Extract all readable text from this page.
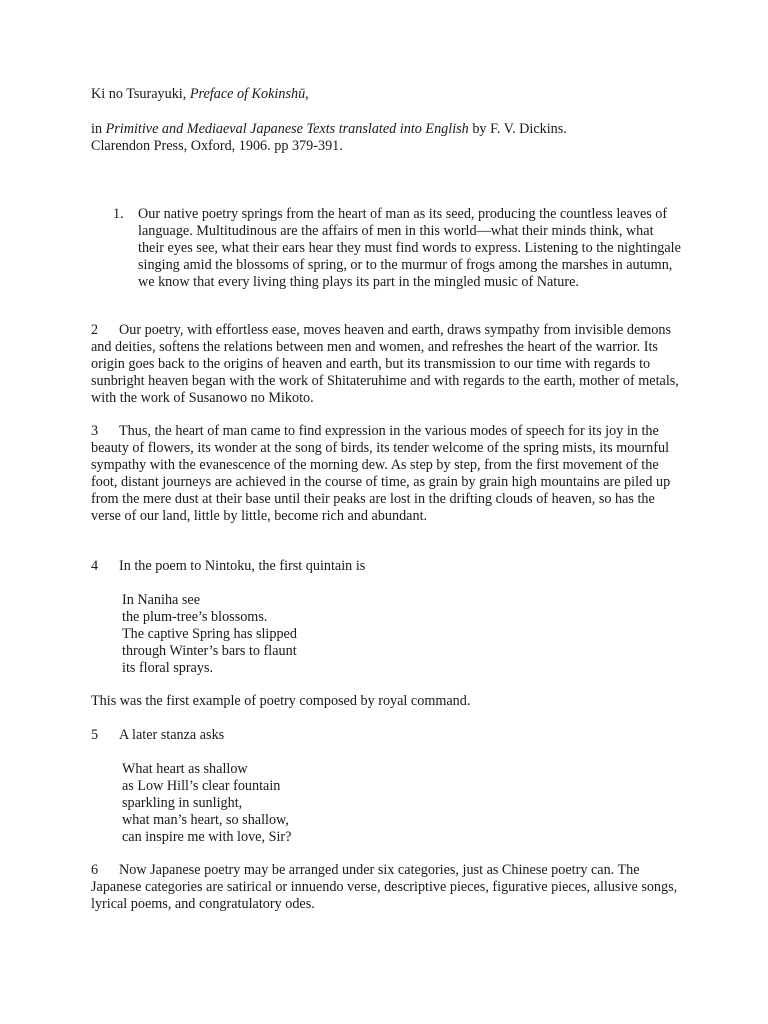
Ki no Tsurayuki, Preface of Kokinshū,

in Primitive and Mediaeval Japanese Texts translated into English by F. V. Dickins.
Clarendon Press, Oxford, 1906. pp 379-391.

1. Our native poetry springs from the heart of man as its seed, producing the countless leaves of language. Multitudinous are the affairs of men in this world—what their minds think, what their eyes see, what their ears hear they must find words to express. Listening to the nightingale singing amid the blossoms of spring, or to the murmur of frogs among the marshes in autumn, we know that every living thing plays its part in the mingled music of Nature.

2 Our poetry, with effortless ease, moves heaven and earth, draws sympathy from invisible demons and deities, softens the relations between men and women, and refreshes the heart of the warrior. Its origin goes back to the origins of heaven and earth, but its transmission to our time with regards to sunbright heaven began with the work of Shitateruhime and with regards to the earth, mother of metals, with the work of Susanowo no Mikoto.

3 Thus, the heart of man came to find expression in the various modes of speech for its joy in the beauty of flowers, its wonder at the song of birds, its tender welcome of the spring mists, its mournful sympathy with the evanescence of the morning dew. As step by step, from the first movement of the foot, distant journeys are achieved in the course of time, as grain by grain high mountains are piled up from the mere dust at their base until their peaks are lost in the drifting clouds of heaven, so has the verse of our land, little by little, become rich and abundant.

4 In the poem to Nintoku, the first quintain is

In Naniha see
the plum-tree’s blossoms.
The captive Spring has slipped
through Winter’s bars to flaunt
its floral sprays.

This was the first example of poetry composed by royal command.

5 A later stanza asks

What heart as shallow
as Low Hill’s clear fountain
sparkling in sunlight,
what man’s heart, so shallow,
can inspire me with love, Sir?

6 Now Japanese poetry may be arranged under six categories, just as Chinese poetry can. The Japanese categories are satirical or innuendo verse, descriptive pieces, figurative pieces, allusive songs, lyrical poems, and congratulatory odes.
